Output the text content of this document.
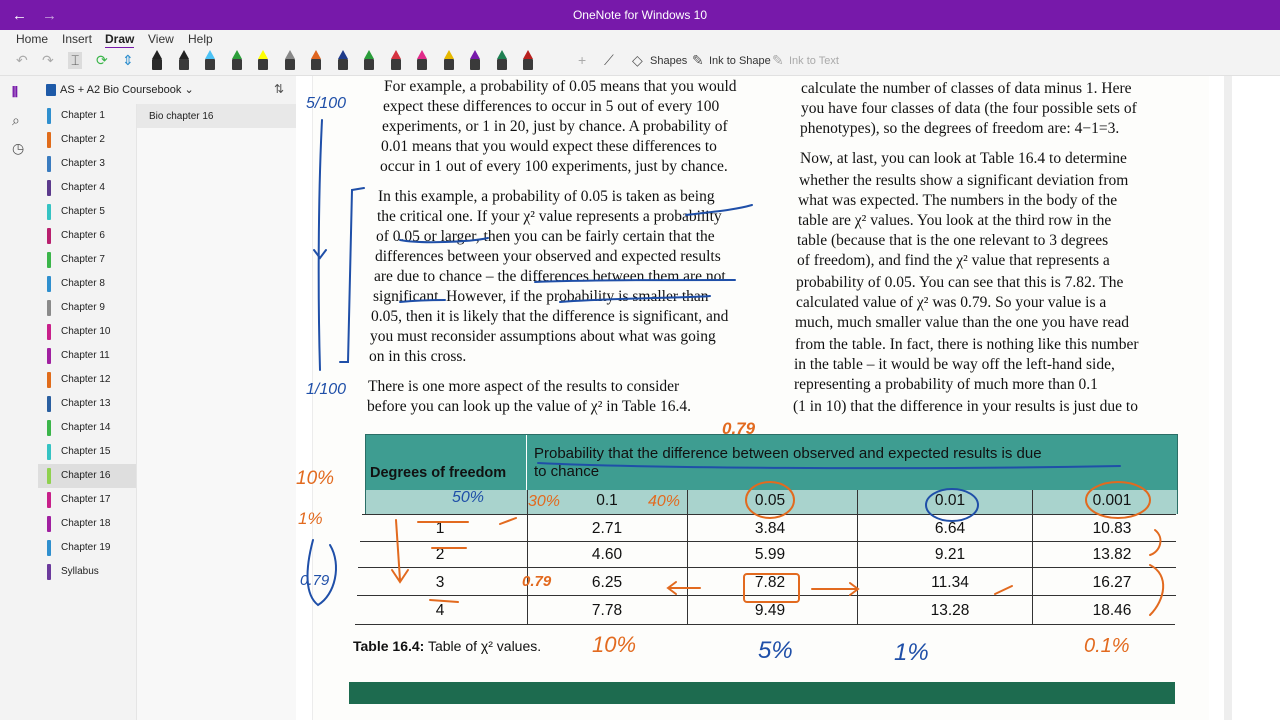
← →	OneNote for Windows 10
Home Insert Draw View Help
↶ ↷ ⌶ ⟳ ⇕	+ ⟋ ◇ Shapes ✎ Ink to Shape ✎ Ink to Text
⫴
⌕
◷
AS + A2 Bio Coursebook ⌄	⇅
Chapter 1
Chapter 2
Chapter 3
Chapter 4
Chapter 5
Chapter 6
Chapter 7
Chapter 8
Chapter 9
Chapter 10
Chapter 11
Chapter 12
Chapter 13
Chapter 14
Chapter 15
Chapter 16
Chapter 17
Chapter 18
Chapter 19
Syllabus
Bio chapter 16
For example, a probability of 0.05 means that you would
expect these differences to occur in 5 out of every 100
experiments, or 1 in 20, just by chance. A probability of
0.01 means that you would expect these differences to
occur in 1 out of every 100 experiments, just by chance.
In this example, a probability of 0.05 is taken as being
the critical one. If your χ² value represents a probability
of 0.05 or larger, then you can be fairly certain that the
differences between your observed and expected results
are due to chance – the differences between them are not
significant. However, if the probability is smaller than
0.05, then it is likely that the difference is significant, and
you must reconsider assumptions about what was going
on in this cross.
There is one more aspect of the results to consider
before you can look up the value of χ² in Table 16.4.
calculate the number of classes of data minus 1. Here
you have four classes of data (the four possible sets of
phenotypes), so the degrees of freedom are: 4−1=3.
Now, at last, you can look at Table 16.4 to determine
whether the results show a significant deviation from
what was expected. The numbers in the body of the
table are χ² values. You look at the third row in the
table (because that is the one relevant to 3 degrees
of freedom), and find the χ² value that represents a
probability of 0.05. You can see that this is 7.82. The
calculated value of χ² was 0.79. So your value is a
much, much smaller value than the one you have read
from the table. In fact, there is nothing like this number
in the table – it would be way off the left-hand side,
representing a probability of much more than 0.1
(1 in 10) that the difference in your results is just due to
Degrees of freedom
Probability that the difference between observed and expected results is due
to chance
0.1	0.05	0.01	0.001
1	2.71	3.84	6.64	10.83
2	4.60	5.99	9.21	13.82
3	6.25	7.82	11.34	16.27
4	7.78	9.49	13.28	18.46
Table 16.4: Table of χ² values.
5/100
1/100
0.79
10%
1%
0.79	0.79
10%	5%	1%	0.1%
50%	30%	40%
